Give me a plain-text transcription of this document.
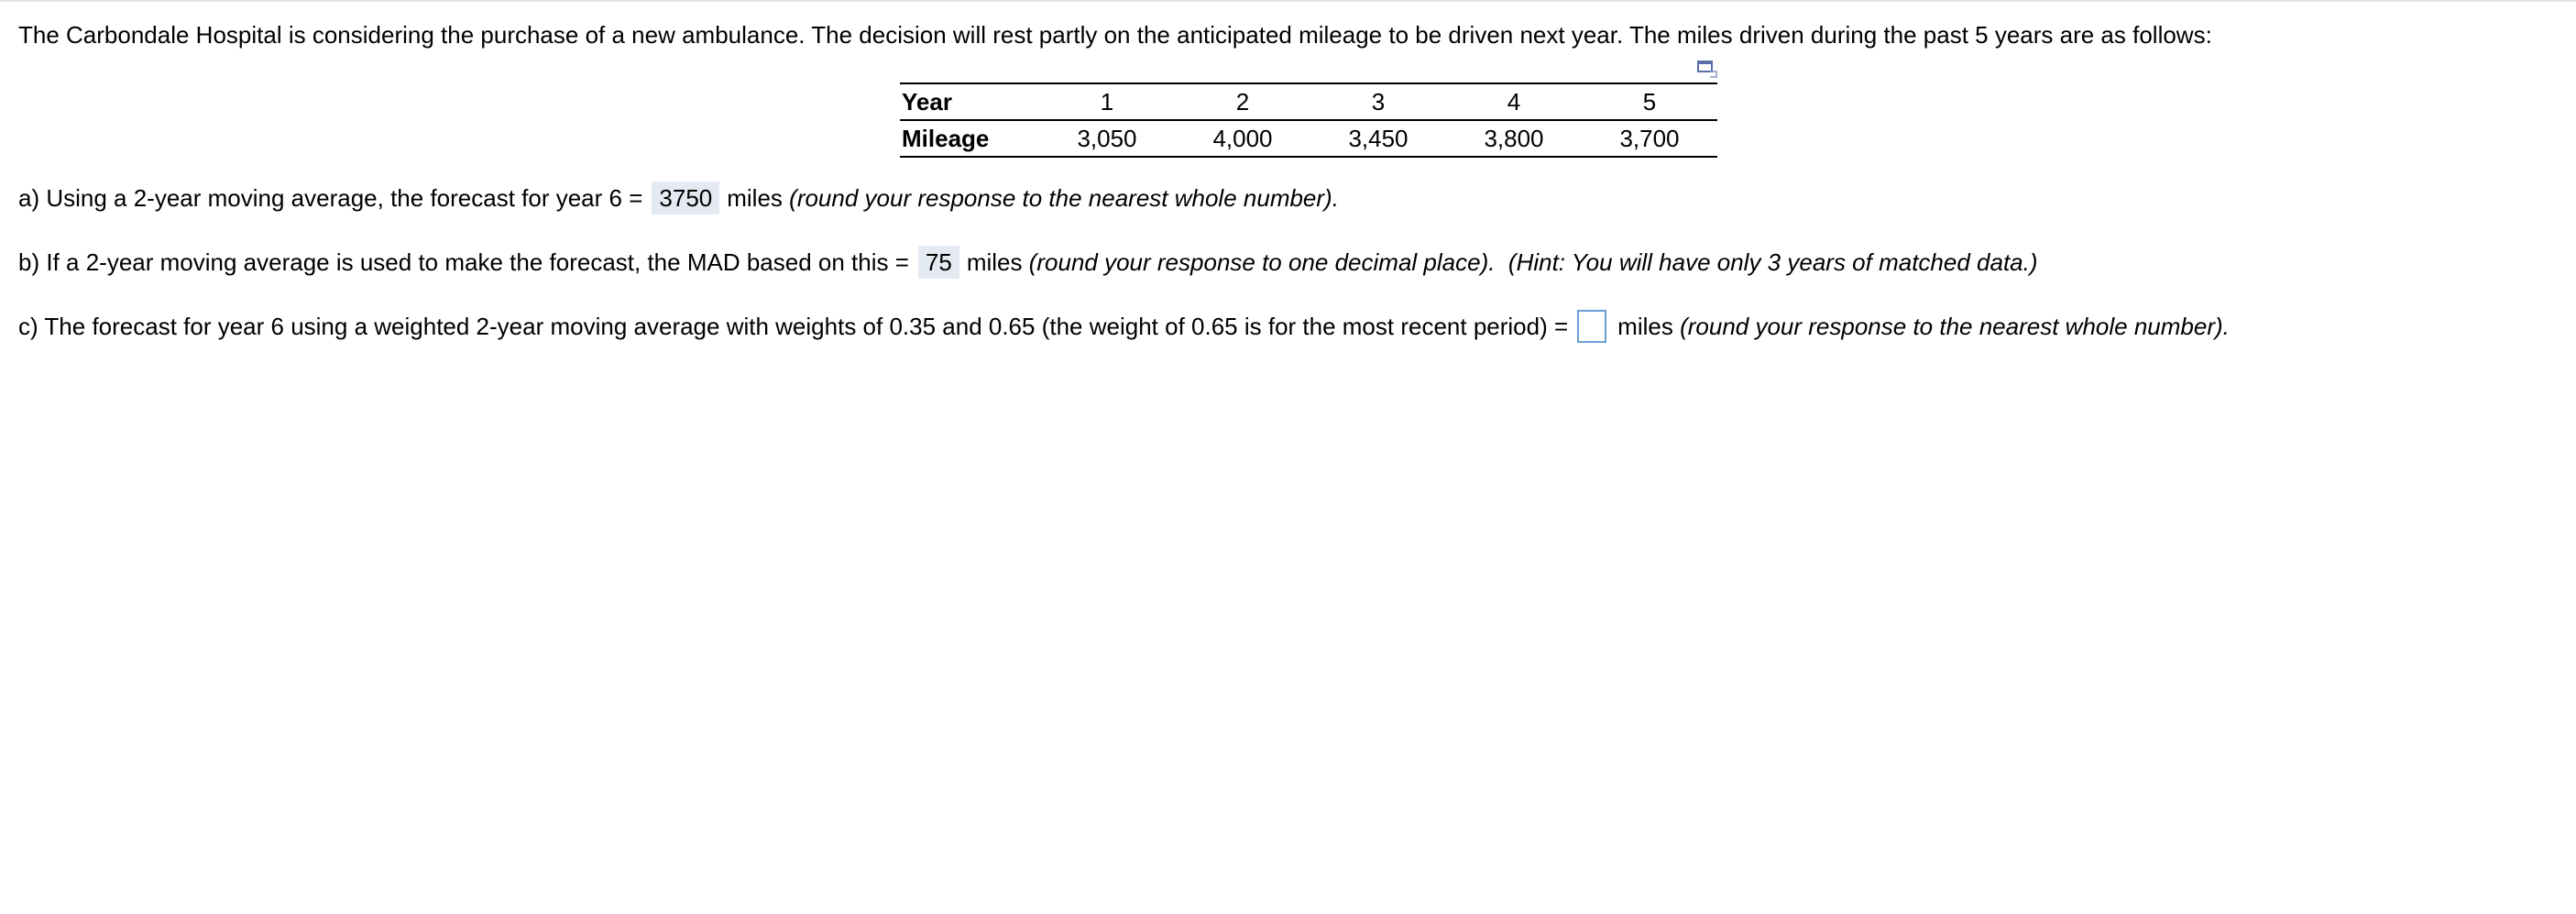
The Carbondale Hospital is considering the purchase of a new ambulance. The decision will rest partly on the anticipated mileage to be driven next year. The miles driven during the past 5 years are as follows:
Year	1	2	3	4	5
Mileage	3,050	4,000	3,450	3,800	3,700
a) Using a 2-year moving average, the forecast for year 6 = 3750 miles
(round your response to the nearest whole number).
b) If a 2-year moving average is used to make the forecast, the MAD based on this = 75 miles
(round your response to one decimal place).
(Hint: You will have only 3 years of matched data.)
c) The forecast for year 6 using a weighted 2-year moving average with weights of 0.35 and 0.65 (the weight of 0.65 is for the most recent period) = miles
(round your response to the nearest whole number).
